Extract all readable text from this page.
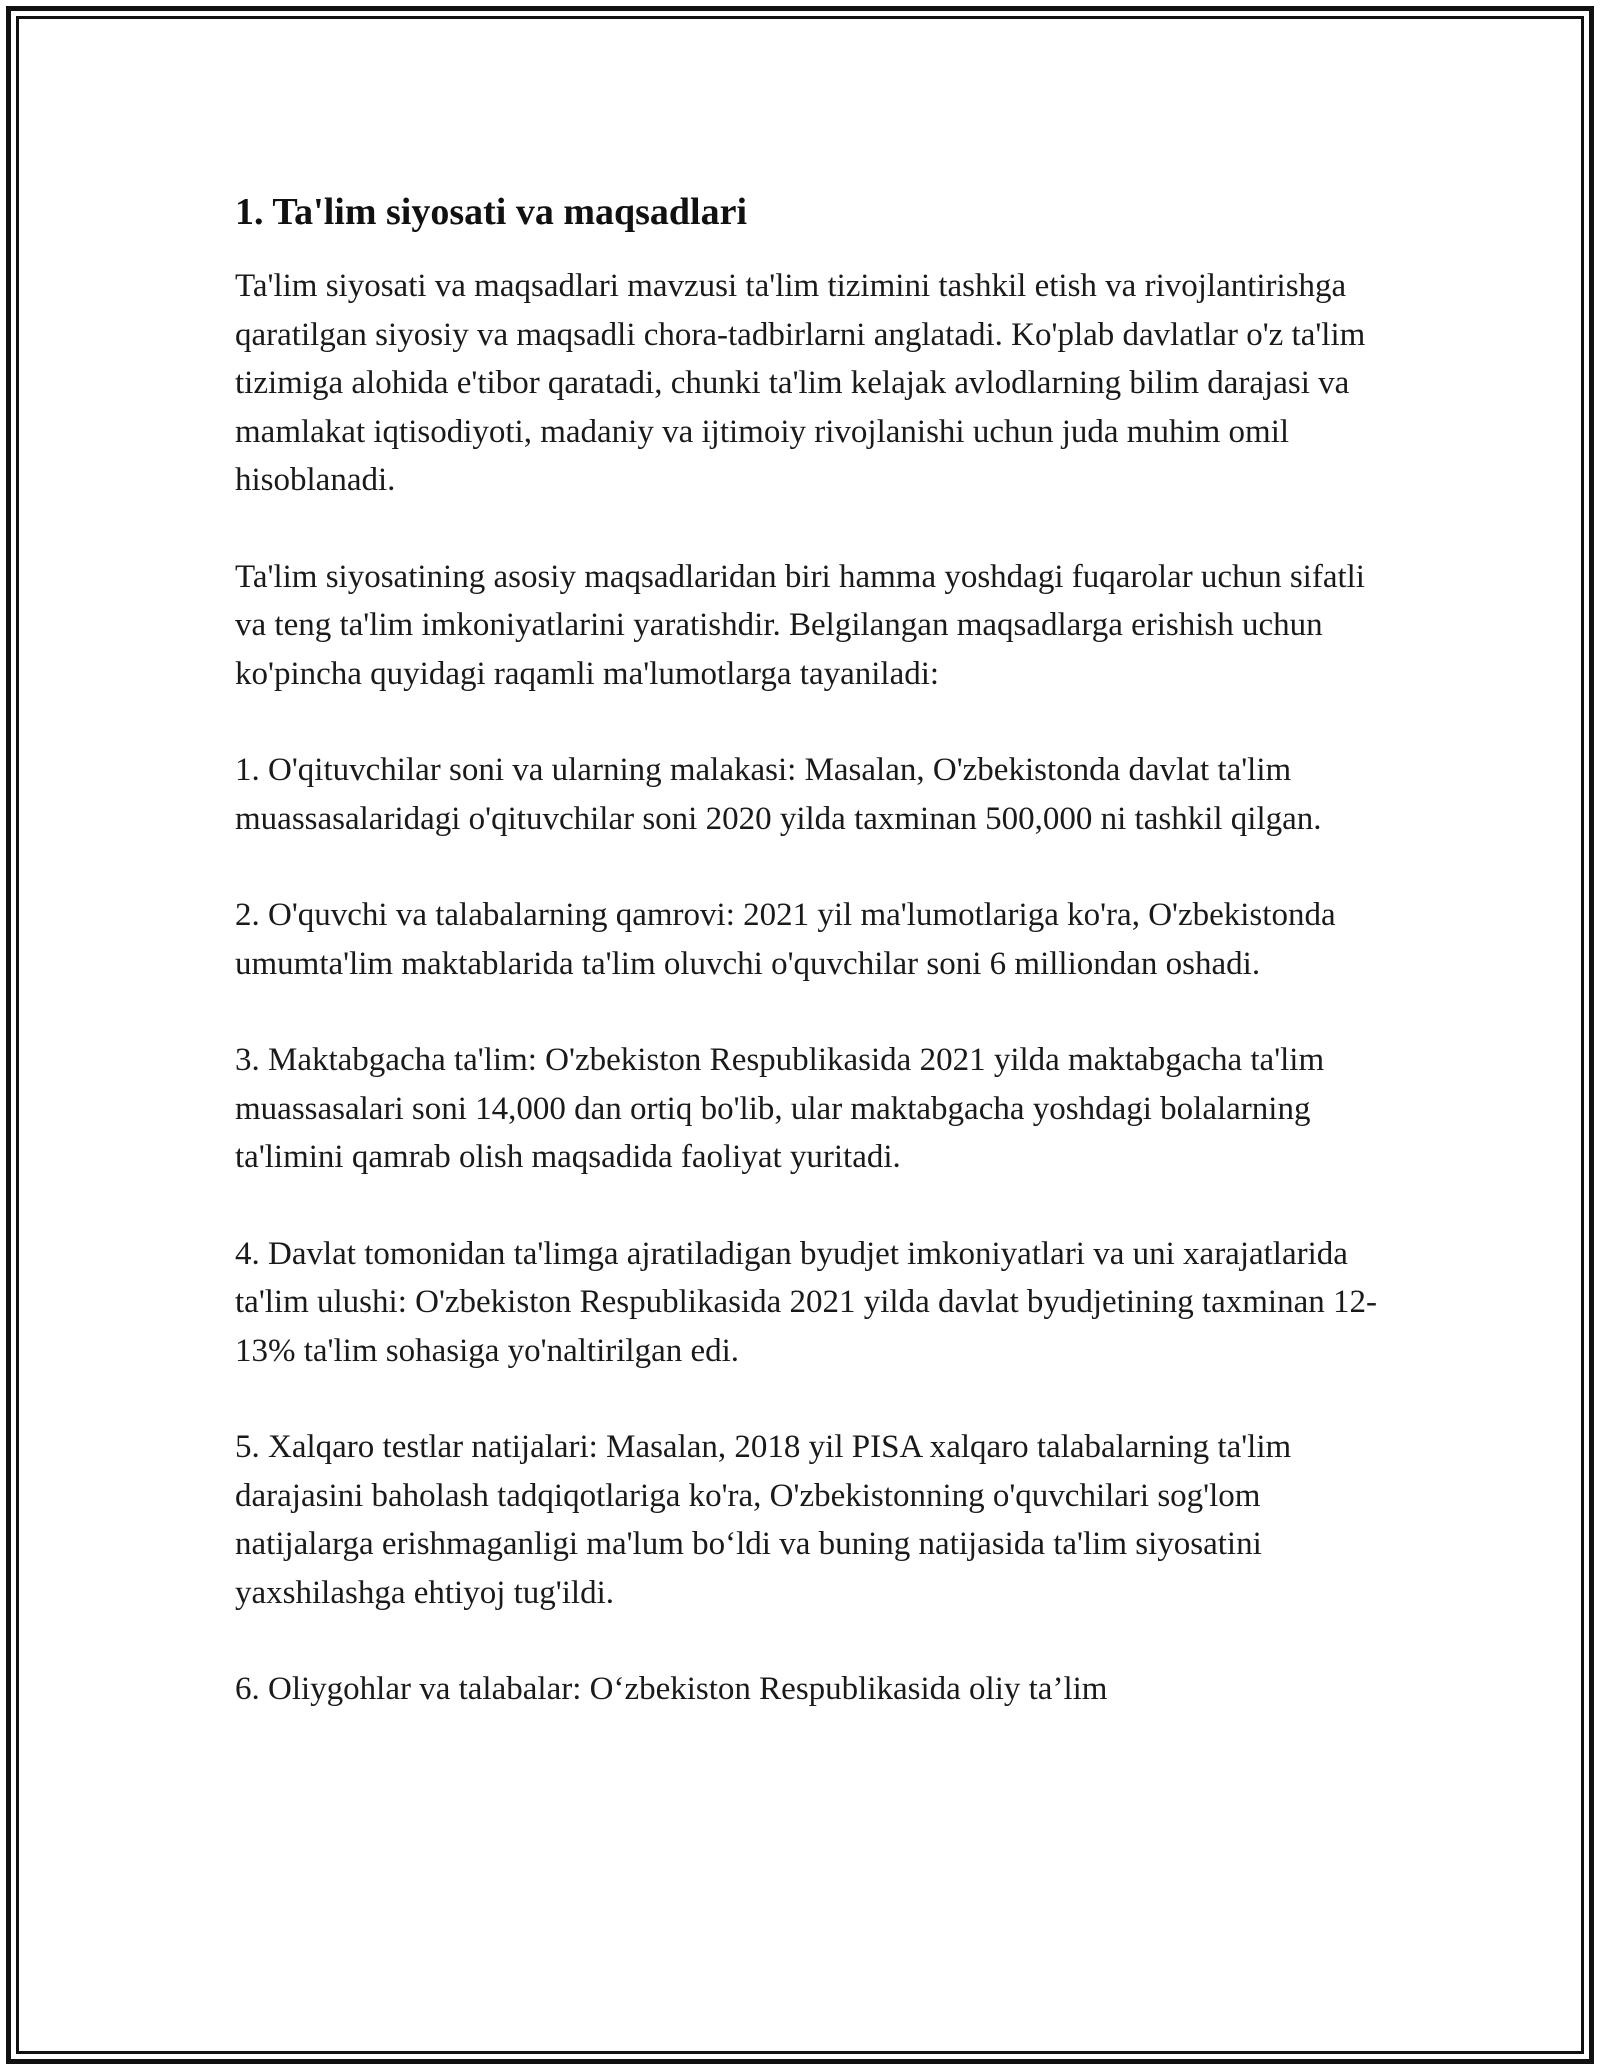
1. Ta'lim siyosati va maqsadlari

Ta'lim siyosati va maqsadlari mavzusi ta'lim tizimini tashkil etish va rivojlantirishga qaratilgan siyosiy va maqsadli chora-tadbirlarni anglatadi. Ko'plab davlatlar o'z ta'lim tizimiga alohida e'tibor qaratadi, chunki ta'lim kelajak avlodlarning bilim darajasi va mamlakat iqtisodiyoti, madaniy va ijtimoiy rivojlanishi uchun juda muhim omil hisoblanadi.

Ta'lim siyosatining asosiy maqsadlaridan biri hamma yoshdagi fuqarolar uchun sifatli va teng ta'lim imkoniyatlarini yaratishdir. Belgilangan maqsadlarga erishish uchun ko'pincha quyidagi raqamli ma'lumotlarga tayaniladi:

1. O'qituvchilar soni va ularning malakasi: Masalan, O'zbekistonda davlat ta'lim muassasalaridagi o'qituvchilar soni 2020 yilda taxminan 500,000 ni tashkil qilgan.

2. O'quvchi va talabalarning qamrovi: 2021 yil ma'lumotlariga ko'ra, O'zbekistonda umumta'lim maktablarida ta'lim oluvchi o'quvchilar soni 6 milliondan oshadi.

3. Maktabgacha ta'lim: O'zbekiston Respublikasida 2021 yilda maktabgacha ta'lim muassasalari soni 14,000 dan ortiq bo'lib, ular maktabgacha yoshdagi bolalarning ta'limini qamrab olish maqsadida faoliyat yuritadi.

4. Davlat tomonidan ta'limga ajratiladigan byudjet imkoniyatlari va uni xarajatlarida ta'lim ulushi: O'zbekiston Respublikasida 2021 yilda davlat byudjetining taxminan 12-13% ta'lim sohasiga yo'naltirilgan edi.

5. Xalqaro testlar natijalari: Masalan, 2018 yil PISA xalqaro talabalarning ta'lim darajasini baholash tadqiqotlariga ko'ra, O'zbekistonning o'quvchilari sog'lom natijalarga erishmaganligi ma'lum bo‘ldi va buning natijasida ta'lim siyosatini yaxshilashga ehtiyoj tug'ildi.

6. Oliygohlar va talabalar: O‘zbekiston Respublikasida oliy ta’lim
